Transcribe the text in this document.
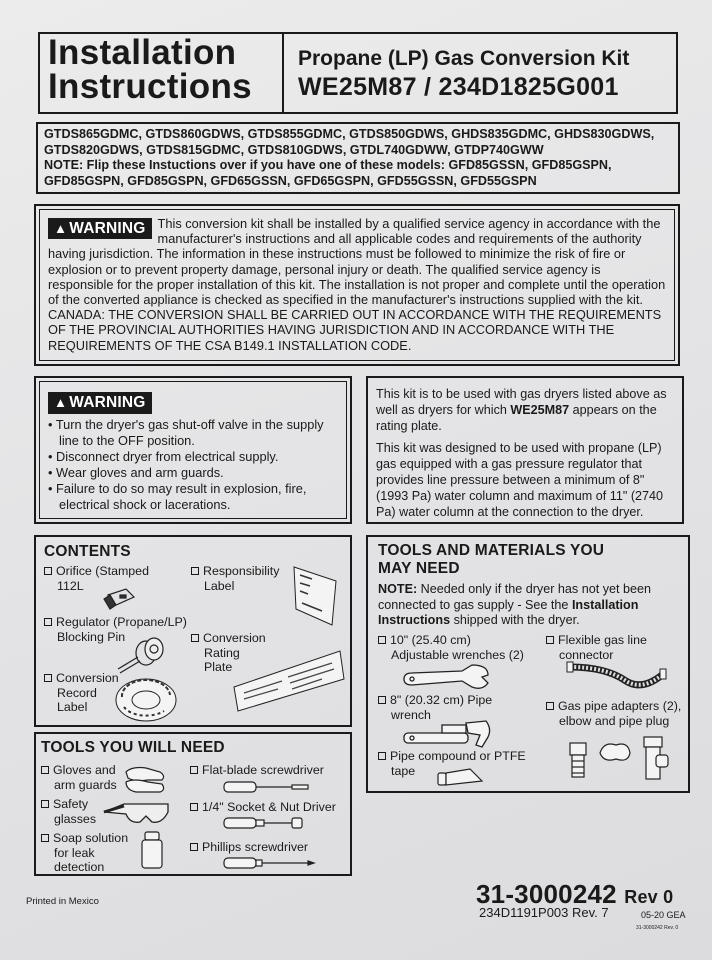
Installation
Instructions
Propane (LP) Gas Conversion Kit
WE25M87 / 234D1825G001
GTDS865GDMC, GTDS860GDWS, GTDS855GDMC, GTDS850GDWS, GHDS835GDMC, GHDS830GDWS,
GTDS820GDWS, GTDS815GDMC, GTDS810GDWS, GTDL740GDWW, GTDP740GWW
NOTE: Flip these Instuctions over if you have one of these models: GFD85GSSN, GFD85GSPN,
GFD85GSPN, GFD85GSPN, GFD65GSSN, GFD65GSPN, GFD55GSSN, GFD55GSPN
▲ WARNING This conversion kit shall be installed by a qualified service agency in accordance with the manufacturer's instructions and all applicable codes and requirements of the authority having jurisdiction. The information in these instructions must be followed to minimize the risk of fire or explosion or to prevent property damage, personal injury or death. The qualified service agency is responsible for the proper installation of this kit. The installation is not proper and complete until the operation of the converted appliance is checked as specified in the manufacturer's instructions supplied with the kit.
CANADA: THE CONVERSION SHALL BE CARRIED OUT IN ACCORDANCE WITH THE REQUIREMENTS OF THE PROVINCIAL AUTHORITIES HAVING JURISDICTION AND IN ACCORDANCE WITH THE REQUIREMENTS OF THE CSA B149.1 INSTALLATION CODE.
▲ WARNING
• Turn the dryer's gas shut-off valve in the supply line to the OFF position.
• Disconnect dryer from electrical supply.
• Wear gloves and arm guards.
• Failure to do so may result in explosion, fire, electrical shock or lacerations.

This kit is to be used with gas dryers listed above as well as dryers for which WE25M87 appears on the rating plate.

This kit was designed to be used with propane (LP) gas equipped with a gas pressure regulator that provides line pressure between a minimum of 8" (1993 Pa) water column and maximum of 11" (2740 Pa) water column at the connection to the dryer.

CONTENTS
Orifice (Stamped
112L
Responsibility
Label
Regulator (Propane/LP)
Blocking Pin	Conversion
Rating
Plate
Conversion
Record
Label
TOOLS YOU WILL NEED
Gloves and
arm guards
Safety
glasses
Soap solution
for leak
detection
Flat-blade screwdriver
1/4" Socket & Nut Driver
Phillips screwdriver
TOOLS AND MATERIALS YOU
MAY NEED
NOTE: Needed only if the dryer has not yet been connected to gas supply - See the Installation Instructions shipped with the dryer.
10" (25.40 cm)
Adjustable wrenches (2)
Flexible gas line
connector
8" (20.32 cm) Pipe
wrench
Gas pipe adapters (2),
elbow and pipe plug
Pipe compound or PTFE
tape
Printed in Mexico	31-3000242 Rev 0
234D1191P003 Rev. 7	05-20 GEA
31-3000242 Rev. 0
